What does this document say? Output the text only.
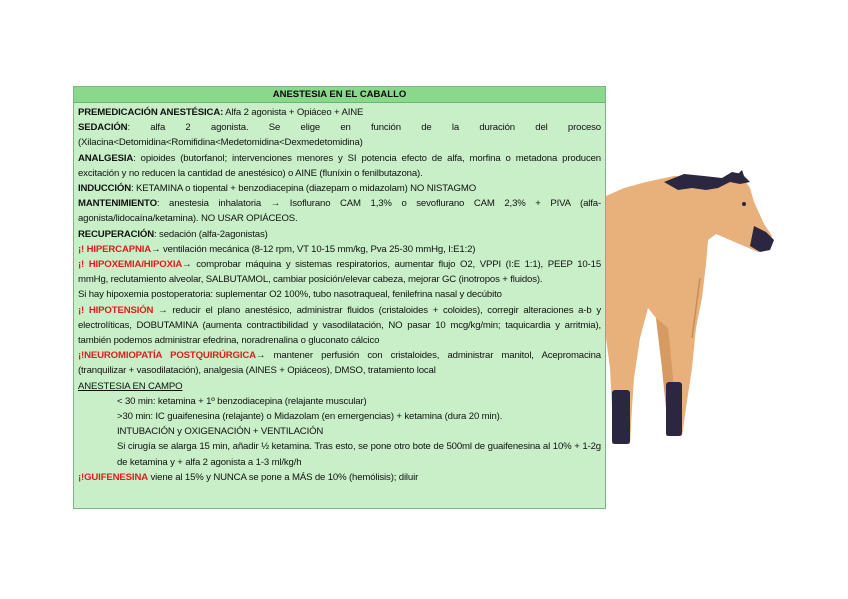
ANESTESIA EN EL CABALLO

PREMEDICACIÓN ANESTÉSICA: Alfa 2 agonista + Opiáceo + AINE

SEDACIÓN: alfa 2 agonista. Se elige en función de la duración del proceso (Xilacina<Detomidina<Romifidina<Medetomidina<Dexmedetomidina)

ANALGESIA: opioides (butorfanol; intervenciones menores y SI potencia efecto de alfa, morfina o metadona producen excitación y no reducen la cantidad de anestésico) o AINE (fluníxin o fenilbutazona).

INDUCCIÓN: KETAMINA o tiopental + benzodiacepina (diazepam o midazolam) NO NISTAGMO

MANTENIMIENTO: anestesia inhalatoria → Isoflurano CAM 1,3% o sevoflurano CAM 2,3% + PIVA (alfa-agonista/lidocaína/ketamina). NO USAR OPIÁCEOS.

RECUPERACIÓN: sedación (alfa-2agonistas)

¡! HIPERCAPNIA→ ventilación mecánica (8-12 rpm, VT 10-15 mm/kg, Pva 25-30 mmHg, I:E1:2)

¡! HIPOXEMIA/HIPOXIA→ comprobar máquina y sistemas respiratorios, aumentar flujo O2, VPPI (I:E 1:1), PEEP 10-15 mmHg, reclutamiento alveolar, SALBUTAMOL, cambiar posición/elevar cabeza, mejorar GC (inotropos + fluidos).

Si hay hipoxemia postoperatoria: suplementar O2 100%, tubo nasotraqueal, fenilefrina nasal y decúbito

¡! HIPOTENSIÓN → reducir el plano anestésico, administrar fluidos (cristaloides + coloides), corregir alteraciones a-b y electrolíticas, DOBUTAMINA (aumenta contractibilidad y vasodilatación, NO pasar 10 mcg/kg/min; taquicardia y arritmia), también podemos administrar efedrina, noradrenalina o gluconato cálcico

¡!NEUROMIOPATÍA POSTQUIRÚRGICA→ mantener perfusión con cristaloides, administrar manitol, Acepromacina (tranquilizar + vasodilatación), analgesia (AINES + Opiáceos), DMSO, tratamiento local

ANESTESIA EN CAMPO

< 30 min: ketamina + 1º benzodiacepina (relajante muscular)

>30 min: IC guaifenesina (relajante) o Midazolam (en emergencias) + ketamina (dura 20 min).

INTUBACIÓN y OXIGENACIÓN + VENTILACIÓN

Si cirugía se alarga 15 min, añadir ½ ketamina. Tras esto, se pone otro bote de 500ml de guaifenesina al 10% + 1-2g de ketamina y + alfa 2 agonista a 1-3 ml/kg/h

¡!GUIFENESINA viene al 15% y NUNCA se pone a MÁS de 10% (hemólisis); diluir
